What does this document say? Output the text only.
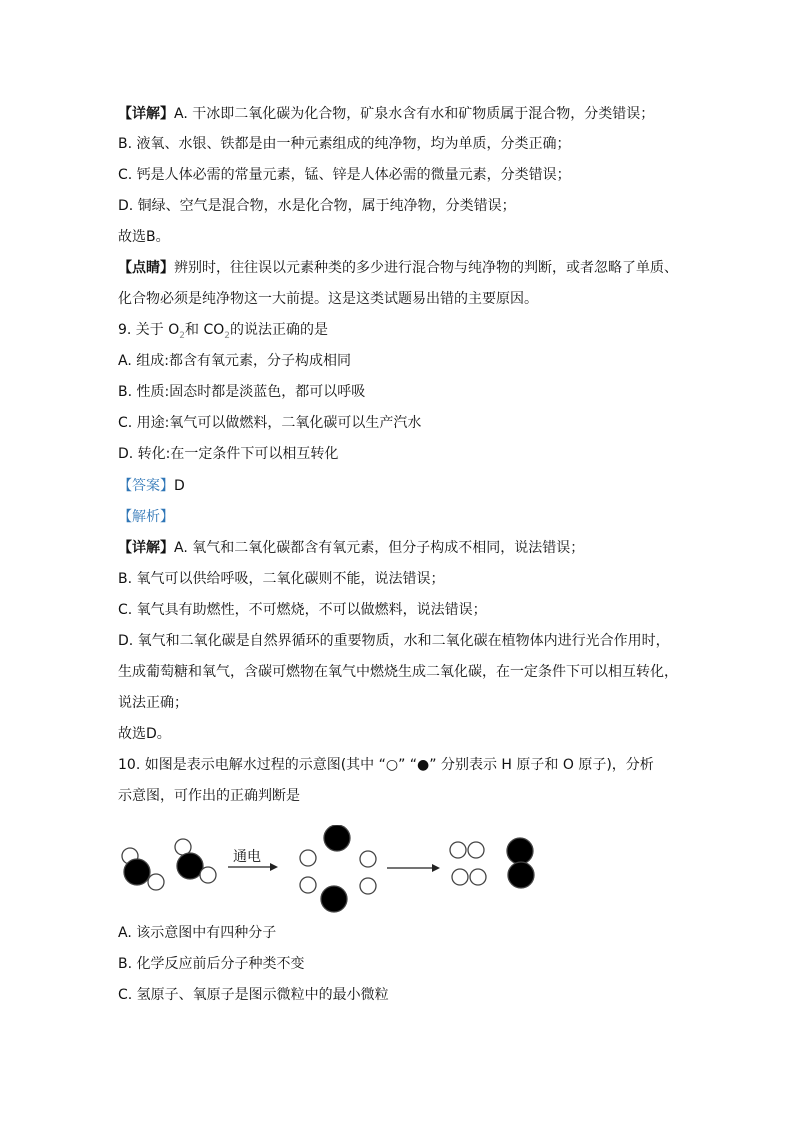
【详解】A. 干冰即二氧化碳为化合物，矿泉水含有水和矿物质属于混合物，分类错误；
B. 液氧、水银、铁都是由一种元素组成的纯净物，均为单质，分类正确；
C. 钙是人体必需的常量元素，锰、锌是人体必需的微量元素，分类错误；
D. 铜绿、空气是混合物，水是化合物，属于纯净物，分类错误；
故选B。
【点睛】辨别时，往往误以元素种类的多少进行混合物与纯净物的判断，或者忽略了单质、
化合物必须是纯净物这一大前提。这是这类试题易出错的主要原因。
9. 关于 $O_2$和 $CO_2$的说法正确的是
A. 组成:都含有氧元素，分子构成相同
B. 性质:固态时都是淡蓝色，都可以呼吸
C. 用途:氧气可以做燃料，二氧化碳可以生产汽水
D. 转化:在一定条件下可以相互转化
【答案】D
【解析】
【详解】A. 氧气和二氧化碳都含有氧元素，但分子构成不相同，说法错误；
B. 氧气可以供给呼吸，二氧化碳则不能，说法错误；
C. 氧气具有助燃性，不可燃烧，不可以做燃料，说法错误；
D. 氧气和二氧化碳是自然界循环的重要物质，水和二氧化碳在植物体内进行光合作用时，
生成葡萄糖和氧气，含碳可燃物在氧气中燃烧生成二氧化碳，在一定条件下可以相互转化，
说法正确；
故选D。
10. 如图是表示电解水过程的示意图(其中 “○” “●” 分别表示 H 原子和 O 原子)，分析
示意图，可作出的正确判断是
通电
A. 该示意图中有四种分子
B. 化学反应前后分子种类不变
C. 氢原子、氧原子是图示微粒中的最小微粒
